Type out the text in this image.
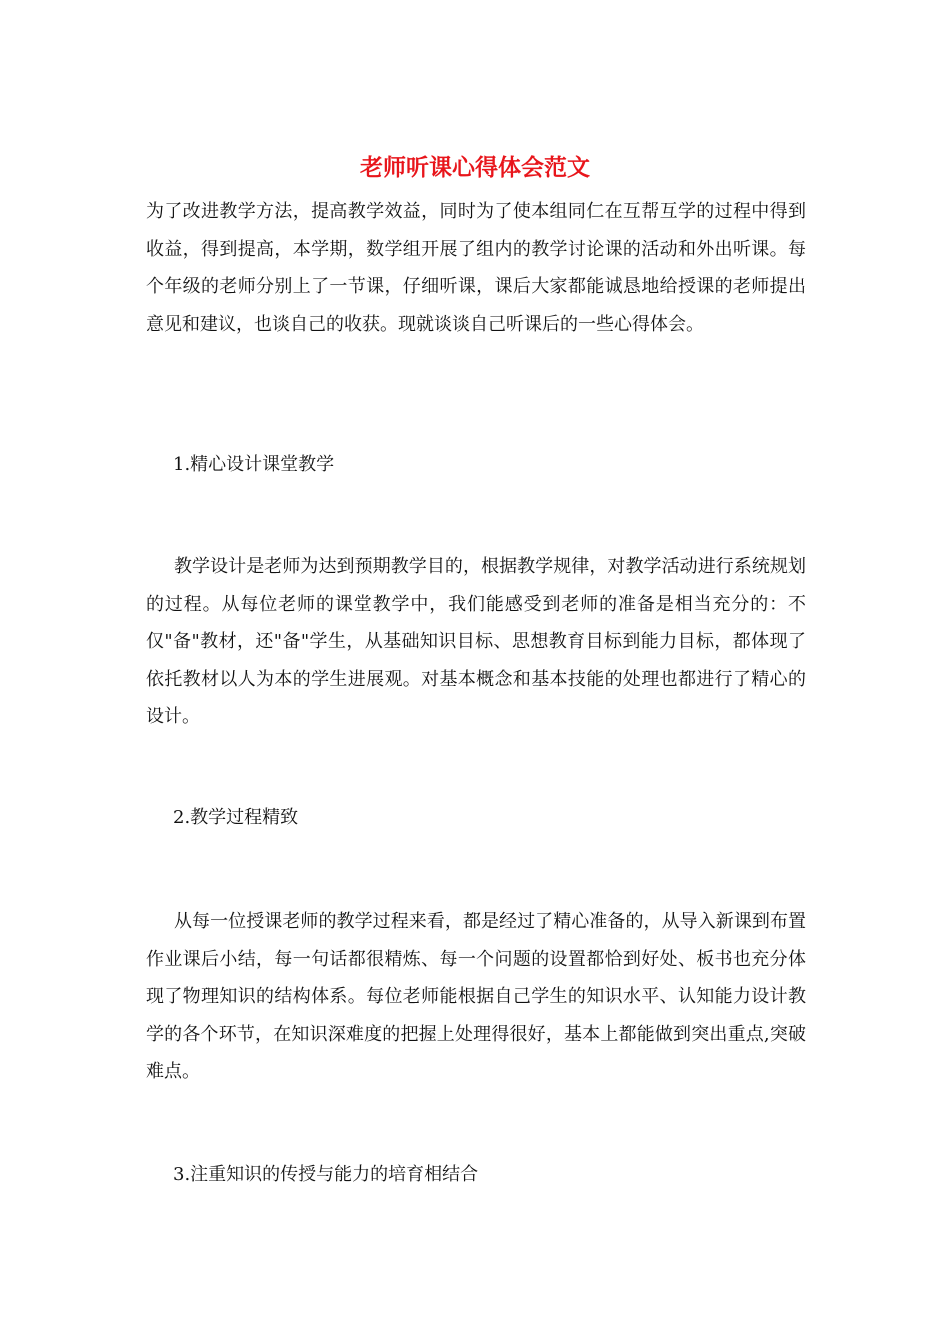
老师听课心得体会范文

为了改进教学方法，提高教学效益，同时为了使本组同仁在互帮互学的过程中得到收益，得到提高，本学期，数学组开展了组内的教学讨论课的活动和外出听课。每个年级的老师分别上了一节课，仔细听课，课后大家都能诚恳地给授课的老师提出意见和建议，也谈自己的收获。现就谈谈自己听课后的一些心得体会。

1.精心设计课堂教学

教学设计是老师为达到预期教学目的，根据教学规律，对教学活动进行系统规划的过程。从每位老师的课堂教学中，我们能感受到老师的准备是相当充分的：不仅"备"教材，还"备"学生，从基础知识目标、思想教育目标到能力目标，都体现了依托教材以人为本的学生进展观。对基本概念和基本技能的处理也都进行了精心的设计。

2.教学过程精致

从每一位授课老师的教学过程来看，都是经过了精心准备的，从导入新课到布置作业课后小结，每一句话都很精炼、每一个问题的设置都恰到好处、板书也充分体现了物理知识的结构体系。每位老师能根据自己学生的知识水平、认知能力设计教学的各个环节，在知识深难度的把握上处理得很好，基本上都能做到突出重点,突破难点。

3.注重知识的传授与能力的培育相结合
